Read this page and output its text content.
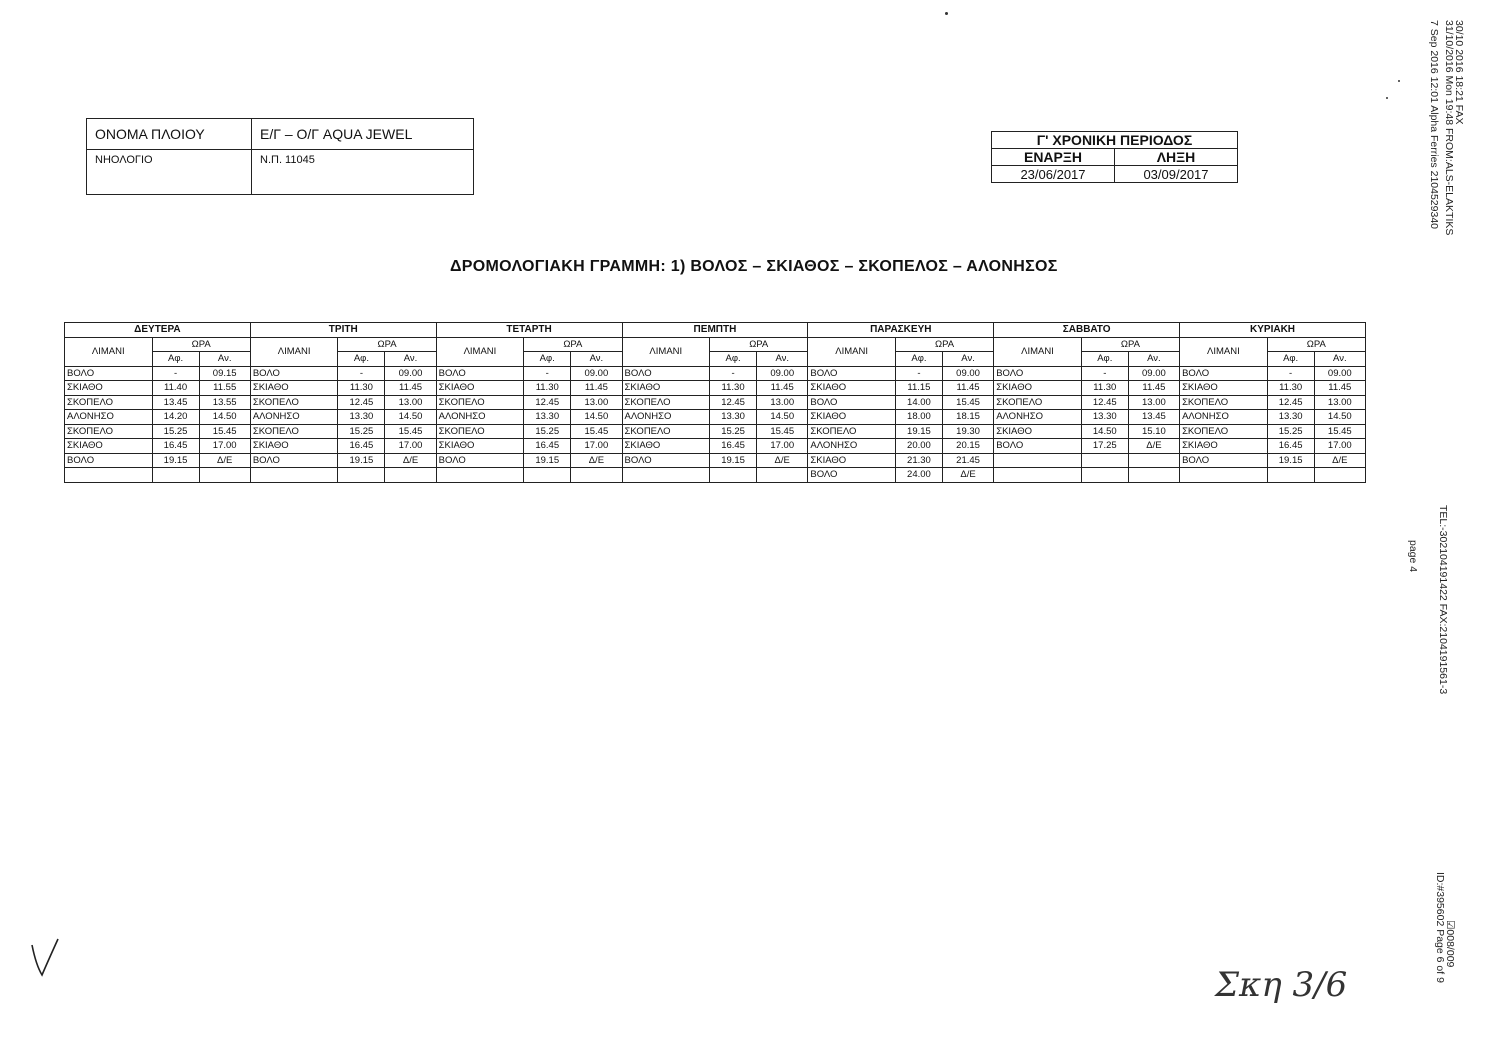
ΟΝΟΜΑ ΠΛΟΙΟΥ	Ε/Γ – Ο/Γ AQUA JEWEL
ΝΗΟΛΟΓΙΟ	Ν.Π. 11045
Γ' ΧΡΟΝΙΚΗ ΠΕΡΙΟΔΟΣ	
ΕΝΑΡΞΗ	ΛΗΞΗ
23/06/2017	03/09/2017
ΔΡΟΜΟΛΟΓΙΑΚΗ ΓΡΑΜΜΗ: 1) ΒΟΛΟΣ – ΣΚΙΑΘΟΣ – ΣΚΟΠΕΛΟΣ – ΑΛΟΝΗΣΟΣ
ΔΕΥΤΕΡΑ			ΤΡΙΤΗ			ΤΕΤΑΡΤΗ			ΠΕΜΠΤΗ			ΠΑΡΑΣΚΕΥΗ			ΣΑΒΒΑΤΟ			ΚΥΡΙΑΚΗ		
ΛΙΜΑΝΙ	ΩΡΑ		ΛΙΜΑΝΙ	ΩΡΑ		ΛΙΜΑΝΙ	ΩΡΑ		ΛΙΜΑΝΙ	ΩΡΑ		ΛΙΜΑΝΙ	ΩΡΑ		ΛΙΜΑΝΙ	ΩΡΑ		ΛΙΜΑΝΙ	ΩΡΑ	
	Αφ.	Αν.		Αφ.	Αν.		Αφ.	Αν.		Αφ.	Αν.		Αφ.	Αν.		Αφ.	Αν.		Αφ.	Αν.
ΒΟΛΟ	-	09.15	ΒΟΛΟ	-	09.00	ΒΟΛΟ	-	09.00	ΒΟΛΟ	-	09.00	ΒΟΛΟ	-	09.00	ΒΟΛΟ	-	09.00	ΒΟΛΟ	-	09.00
ΣΚΙΑΘΟ	11.40	11.55	ΣΚΙΑΘΟ	11.30	11.45	ΣΚΙΑΘΟ	11.30	11.45	ΣΚΙΑΘΟ	11.30	11.45	ΣΚΙΑΘΟ	11.15	11.45	ΣΚΙΑΘΟ	11.30	11.45	ΣΚΙΑΘΟ	11.30	11.45
ΣΚΟΠΕΛΟ	13.45	13.55	ΣΚΟΠΕΛΟ	12.45	13.00	ΣΚΟΠΕΛΟ	12.45	13.00	ΣΚΟΠΕΛΟ	12.45	13.00	ΒΟΛΟ	14.00	15.45	ΣΚΟΠΕΛΟ	12.45	13.00	ΣΚΟΠΕΛΟ	12.45	13.00
ΑΛΟΝΗΣΟ	14.20	14.50	ΑΛΟΝΗΣΟ	13.30	14.50	ΑΛΟΝΗΣΟ	13.30	14.50	ΑΛΟΝΗΣΟ	13.30	14.50	ΣΚΙΑΘΟ	18.00	18.15	ΑΛΟΝΗΣΟ	13.30	13.45	ΑΛΟΝΗΣΟ	13.30	14.50
ΣΚΟΠΕΛΟ	15.25	15.45	ΣΚΟΠΕΛΟ	15.25	15.45	ΣΚΟΠΕΛΟ	15.25	15.45	ΣΚΟΠΕΛΟ	15.25	15.45	ΣΚΟΠΕΛΟ	19.15	19.30	ΣΚΙΑΘΟ	14.50	15.10	ΣΚΟΠΕΛΟ	15.25	15.45
ΣΚΙΑΘΟ	16.45	17.00	ΣΚΙΑΘΟ	16.45	17.00	ΣΚΙΑΘΟ	16.45	17.00	ΣΚΙΑΘΟ	16.45	17.00	ΑΛΟΝΗΣΟ	20.00	20.15	ΒΟΛΟ	17.25	Δ/Ε	ΣΚΙΑΘΟ	16.45	17.00
ΒΟΛΟ	19.15	Δ/Ε	ΒΟΛΟ	19.15	Δ/Ε	ΒΟΛΟ	19.15	Δ/Ε	ΒΟΛΟ	19.15	Δ/Ε	ΣΚΙΑΘΟ	21.30	21.45				ΒΟΛΟ	19.15	Δ/Ε
												ΒΟΛΟ	24.00	Δ/Ε						
30/10 2016 18:21 FAX
31/10/2016 Mon 19:48 FROM:ALS-ELAKTIKS
7 Sep 2016 12:01 Alpha Ferries 2104529340
TEL:-302104191422 FAX:2104191561-3
page 4
☑008/009
ID:#395602 Page 6 of 9
Σκη 3/6
